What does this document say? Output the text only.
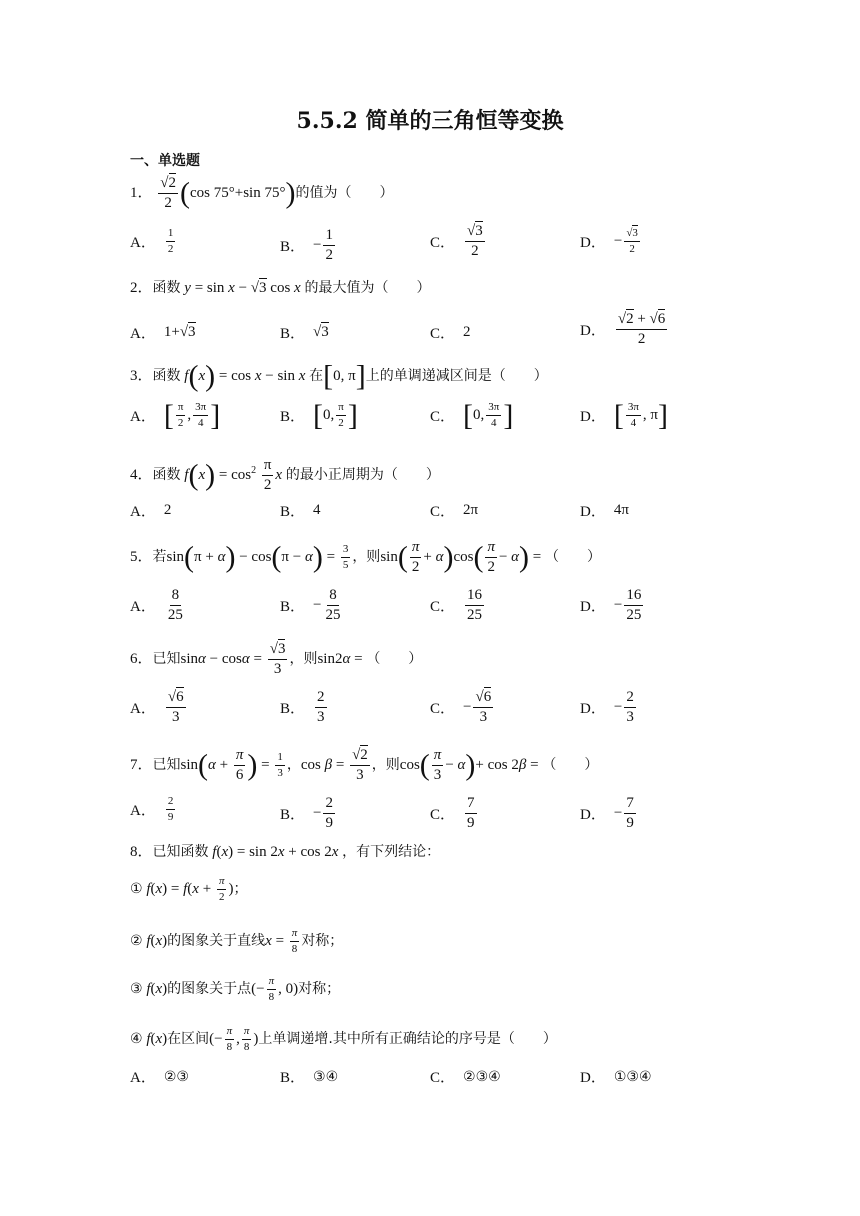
5.5.2 简单的三角恒等变换
一、单选题
1． $\frac{√2}{2} (\cos$ 75°+sin 75°)的值为（　　）
A． $\frac{1}{2}$	B． − $\frac{1}{2}$	C． $\frac{√3}{2}$	D． − $\frac{√3}{2}$
2．函数 y = sin x − √3 cos x 的最大值为（　　）
A． 1+ √3	B． √3	C． 2	D． $\frac{√2 + √6}{2}$
3．函数 f(x) = cos x − sin x 在[0, π]上的单调递减区间是（　　）
A． [ $\frac{\pi}{2}$ , $\frac{3\pi}{4}$ ]	B． [ 0, $\frac{\pi}{2}$ ]	C． [ 0, $\frac{3\pi}{4}$ ]	D． [ $\frac{3\pi}{4}$ , π ]
4．函数 $f(x) = \cos^2 \frac{\pi}{2}$ x 的最小正周期为（　　）
A． 2	B． 4	C． 2π	D． 4π
5．若$\sin(\pi + \alpha) - \cos(\pi - \alpha) = \frac{3}{5}$ ，则$\sin( \frac{\pi}{2} + \alpha)\cos( \frac{\pi}{2} - \alpha)$ = （　　）
A． $\frac{8}{25}$	B． − $\frac{8}{25}$	C． $\frac{16}{25}$	D． − $\frac{16}{25}$
6．已知$\sin\alpha - \cos\alpha = \frac{√3}{3}$ ，则sin2α = （　　）
A． $\frac{√6}{3}$	B． $\frac{2}{3}$	C． − $\frac{√6}{3}$	D． − $\frac{2}{3}$
7．已知$\sin(\alpha + \frac{\pi}{6}$ ) = $\frac{1}{3}$ ，$\cos \beta = \frac{√2}{3}$ ，则$\cos( \frac{\pi}{3} - \alpha)+ \cos 2\beta$ = （　　）
A． $\frac{2}{9}$	B． − $\frac{2}{9}$	C． $\frac{7}{9}$	D． − $\frac{7}{9}$
8．已知函数 f(x) = sin 2x + cos 2x ，有下列结论：
① $f(x) = f(x + \frac{\pi}{2}$ )；
② f(x)的图象关于直线$x = \frac{\pi}{8}$ 对称；
③ f(x)的图象关于点(− $\frac{\pi}{8}$ , 0)对称；
④ f(x)在区间(− $\frac{\pi}{8}$ , $\frac{\pi}{8}$ )上单调递增.其中所有正确结论的序号是（　　）
A． ②③	B． ③④	C． ②③④	D． ①③④
